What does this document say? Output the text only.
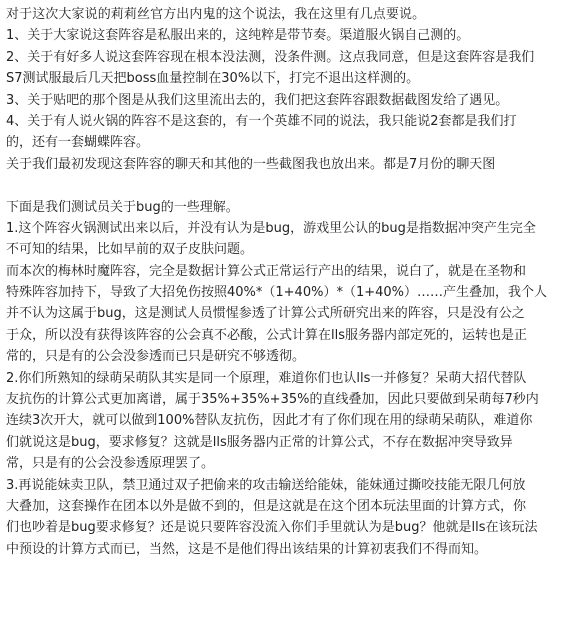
对于这次大家说的莉莉丝官方出内鬼的这个说法，我在这里有几点要说。
1、关于大家说这套阵容是私服出来的，这纯粹是带节奏。渠道服火锅自己测的。
2、关于有好多人说这套阵容现在根本没法测，没条件测。这点我同意，但是这套阵容是我们
S7测试服最后几天把boss血量控制在30%以下，打完不退出这样测的。
3、关于贴吧的那个图是从我们这里流出去的，我们把这套阵容跟数据截图发给了遇见。
4、关于有人说火锅的阵容不是这套的，有一个英雄不同的说法，我只能说2套都是我们打
的，还有一套蝴蝶阵容。
关于我们最初发现这套阵容的聊天和其他的一些截图我也放出来。都是7月份的聊天图
下面是我们测试员关于bug的一些理解。
1.这个阵容火锅测试出来以后，并没有认为是bug，游戏里公认的bug是指数据冲突产生完全
不可知的结果，比如早前的双子皮肤问题。
而本次的梅林时魔阵容，完全是数据计算公式正常运行产出的结果，说白了，就是在圣物和
特殊阵容加持下，导致了大招免伤按照40%*（1+40%）*（1+40%）……产生叠加，我个人
并不认为这属于bug，这是测试人员惯惺参透了计算公式所研究出来的阵容，只是没有公之
于众，所以没有获得该阵容的公会真不必酸，公式计算在lls服务器内部定死的，运转也是正
常的，只是有的公会没参透而已只是研究不够透彻。
2.你们所熟知的绿萌呆萌队其实是同一个原理，难道你们也认lls一并修复？呆萌大招代替队
友抗伤的计算公式更加离谱，属于35%+35%+35%的直线叠加，因此只要做到呆萌每7秒内
连续3次开大，就可以做到100%替队友抗伤，因此才有了你们现在用的绿萌呆萌队，难道你
们就说这是bug，要求修复？这就是lls服务器内正常的计算公式，不存在数据冲突导致异
常，只是有的公会没参透原理罢了。
3.再说能妹卖卫队，禁卫通过双子把偷来的攻击输送给能妹，能妹通过撕咬技能无限几何放
大叠加，这套操作在团本以外是做不到的，但是这就是在这个团本玩法里面的计算方式，你
们也吵着是bug要求修复？还是说只要阵容没流入你们手里就认为是bug？他就是lls在该玩法
中预设的计算方式而已，当然，这是不是他们得出该结果的计算初衷我们不得而知。
